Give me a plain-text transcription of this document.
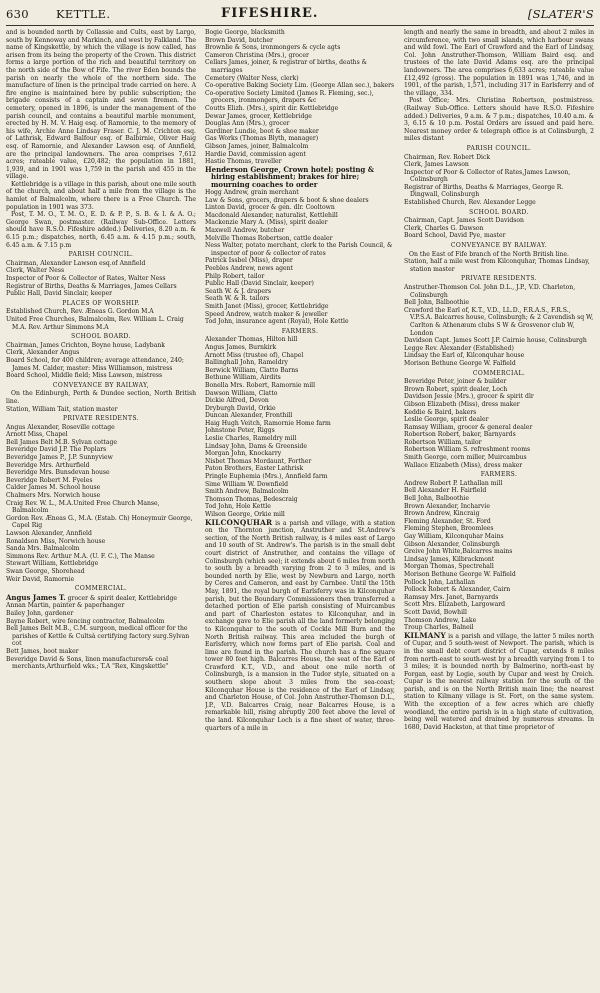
630 KETTLE.	FIFESHIRE.	[SLATER'S

and is bounded north by Collassie and Cults, east by Largo, south by Kennoway and Markinch, and west by Falkland. The name of Kingskettle, by which the village is now called, has arisen from its being the property of the Crown. This district forms a large portion of the rich and beautiful territory on the north side of the Bow of Fife. The river Eden bounds the parish on nearly the whole of the northern side. The manufacture of linen is the principal trade carried on here. A fire engine is maintained here by public subscription; the brigade consists of a captain and seven firemen. The cemetery, opened in 1896, is under the management of the parish council, and contains a beautiful marble monument, erected by H. M. V. Haig esq. of Ramornie, to the memory of his wife, Archie Anne Lindsay Fraser. C. J. M. Crichton esq. of Lathrisk, Edward Balfour esq. of Balbirnie, Oliver Haig esq. of Ramornie, and Alexander Lawson esq. of Annfield, are the principal landowners. The area comprises 7,612 acres; rateable value, £20,482; the population in 1881, 1,939, and in 1901 was 1,759 in the parish and 455 in the village.

Kettlebridge is a village in this parish, about one mile south of the church, and about half a mile from the village is the hamlet of Balmalcolm, where there is a Free Church. The population in 1901 was 373.

Post, T. M. O., T. M. O., E. D. & P. P., S. B. & I. & A. O.; George Swan, postmaster. (Railway Sub-Office. Letters should have R.S.O. Fifeshire added.) Deliveries, 8.20 a.m. & 6.15 p.m.; dispatches, north, 6.45 a.m. & 4.15 p.m.; south, 6.45 a.m. & 7.15 p.m

PARISH COUNCIL.

Chairman, Alexander Lawson esq.of Annfield

Clerk, Walter Ness

Inspector of Poor & Collector of Rates, Walter Ness

Registrar of Births, Deaths & Marriages, James Cellars

Public Hall, David Sinclair, keeper

PLACES OF WORSHIP.

Established Church, Rev. Æneas G. Gordon M.A

United Free Churches, Balmalcolm, Rev. William L. Craig M.A. Rev. Arthur Simmons M.A

SCHOOL BOARD.

Chairman, James Crichton, Boyne house, Ladybank

Clerk, Alexander Angus

Board School, for 400 children; average attendance, 240; James M. Calder, master: Miss Williamson, mistress

Board School, Middle field; Miss Lawson, mistress

CONVEYANCE BY RAILWAY,

On the Edinburgh, Perth & Dundee section, North British line.

Station, William Tait, station master

PRIVATE RESIDENTS.

Angus Alexander, Roseville cottage

Arnott Miss, Chapel

Bell James Belt M.B. Sylvan cottage

Beveridge David J.P. The Poplars

Beveridge James P., J.P. Sunnyview

Beveridge Mrs. Arthurfield

Beveridge Mrs. Bunsdevan house

Beveridge Robert M. Fyeles

Calder James M. School house

Chalmers Mrs. Norwich house

Craig Rev. W. L., M.A.United Free Church Manse, Balmalcolm

Gordon Rev. Æneas G., M.A. (Estab. Ch) Honeymuir George, Capel Rig

Lawson Alexander, Annfield

Ronaldson Miss, Norwich house

Sanda Mrs. Balmalcolm

Simmons Rev. Arthur M.A. (U. F. C.), The Manse

Stewart William, Kettlebridge

Swan George, Shorehead

Weir David, Ramornie

COMMERCIAL.

Angus James T. grocer & spirit dealer, Kettlebridge

Annan Martin, painter & paperhanger

Bailey John, gardener

Bayne Robert, wire fencing contractor, Balmalcolm

Bell James Belt M.B., C.M. surgeon, medical officer for the parishes of Kettle & Cultsà certifying factory surg.Sylvan cot

Bett James, boot maker

Beveridge David & Sons, linen manufacturers& coal merchants,Arthurfield wks.; T.A "Rex, Kingskettle"

Bogie George, blacksmith

Brown David, butcher

Brownlie & Sons, ironmongers & cycle agts

Cameron Christina (Mrs.), grocer

Cellars James, joiner, & registrar of births, deaths & marriages

Cemetery (Walter Ness, clerk)

Co-operative Baking Society Lim. (George Allan sec.), bakers

Co-operative Society Limited (James R. Fleming, sec.), grocers, ironmongers, drapers &c

Coutts Elizh. (Mrs.), spirit dir. Kettlebridge

Dewar James, grocer, Kettlebridge

Douglas Ann (Mrs.), grocer

Gardiner Lundie, boot & shoe maker

Gas Works (Thomas Blyth, manager)

Gibson James, joiner, Balmalcolm

Hardie David, commission agent

Hastie Thomas, traveller

Henderson George, Crown hotel; posting & hiring establishment; brakes for hire; mourning coaches to order

Hogg Andrew, grain merchant

Law & Sons, grocers, drapers & boot & shoe dealers

Linton David, grocer & gen. dlr. Cooltown

Macdonald Alexander, naturalist, Kettlehill

Mackenzie Mary A. (Miss), spirit dealer

Maxwell Andrew, butcher

Melville Thomas Robertson, cattle dealer

Ness Walter, potato merchant, clerk to the Parish Council, & inspector of poor & collector of rates

Patrick Issbel (Miss), draper

Peebles Andrew, news agent

Philp Robert, tailor

Public Hall (David Sinclair, keeper)

Seath W. & J. drapers

Seath W. & R. tailors

Smith Janet (Miss), grocer, Kettlebridge

Speed Andrew, watch maker & jeweller

Tod John, insurance agent (Royal), Hole Kettle

FARMERS.

Alexander Thomas, Hilton hill

Angus James, Burnkirk

Arnott Miss (trustee of), Chapel

Ballinghall John, Rameldry

Berwick William, Clatto Barns

Bethune William, Airdits

Bonella Mrs. Robert, Ramornie mill

Dawson William, Clatto

Dickie Alfred, Devon

Dryburgh David, Orkie

Duncan Alexander, Fronthill

Haig Hugh Veitch, Ramornie Home farm

Johnstone Peter, Riggs

Leslie Charles, Rameldry mill

Lindsay John, Dams & Greenside

Morgan John, Knockarry

Nisbet Thomas Mordaunt, Forther

Paton Brothers, Easter Lathrisk

Pringle Euphemia (Mrs.), Annfield farm

Sime William W. Downfield

Smith Andrew, Balmalcolm

Thomson Thomas, Bedescraig

Tod John, Hole Kettle

Wilson George, Orkie mill

KILCONQUHAR is a parish and village, with a station on the Thornton junction, Anstruther and St.Andrew's section, of the North British railway, is 4 miles east of Largo and 10 south of St. Andrew's. The parish is in the small debt court district of Anstruther, and contains the village of Colinsburgh (which see); it extends about 6 miles from north to south by a breadth varying from 2 to 3 miles, and is bounded north by Elie, west by Newburn and Largo, north by Ceres and Cameron, and east by Carnbee. Until the 15th May, 1891, the royal burgh of Earlsferry was in Kilconquhar parish, but the Boundary Commissioners then transferred a detached portion of Elie parish consisting of Muircambus and part of Charleston estates to Kilconquhar, and in exchange gave to Elie parish all the land formerly belonging to Kilconquhar to the south of Cockle Mill Burn and the North British railway. This area included the burgh of Earlsferry, which now forms part of Elie parish. Coal and lime are found in the parish. The church has a fine square tower 80 feet high. Balcarres House, the seat of the Earl of Crawford K.T., V.D., and about one mile north of Colinsburgh, is a mansion in the Tudor style, situated on a southern slope about 3 miles from the sea-coast; Kilconquhar House is the residence of the Earl of Lindsay, and Charleton House, of Col. John Anstruther-Thomson D.L., J.P., V.D. Balcarres Craig, near Balcarres House, is a remarkable hill, rising abruptly 200 feet above the level of the land. Kilconquhar Loch is a fine sheet of water, three-quarters of a mile in

length and nearly the same in breadth, and about 2 miles in circumference, with two small islands, which harbour swans and wild fowl. The Earl of Crawford and the Earl of Lindsay, Col. John Anstruther-Thomson, William Baird esq. and trustees of the late David Adams esq. are the principal landowners. The area comprises 6,633 acres; rateable value £12,492 (gross). The population in 1891 was 1,746, and in 1901, of the parish, 1,571, including 317 in Earlsferry and of the village, 334.

Post Office; Mrs. Christina Robertson, postmistress. (Railway Sub-Office. Letters should have R.S.O. Fifeshire added.) Deliveries, 9 a.m. & 7 p.m.; dispatches, 10.40 a.m. & 3, 6.15 & 10 p.m. Postal Orders are issued and paid here. Nearest money order & telegraph office is at Colinsburgh, 2 miles distant

PARISH COUNCIL.

Chairman, Rev. Robert Dick

Clerk, James Lawson

Inspector of Poor & Collector of Rates,James Lawson, Colinsburgh

Registrar of Births, Deaths & Marriages, George R. Dingwall, Colinsburgh

Established Church, Rev. Alexander Legge

SCHOOL BOARD.

Chairman, Capt. James Scott Davidson

Clerk, Charles G. Dawson

Board School, David Pye, master

CONVEYANCE BY RAILWAY.

On the East of Fife branch of the North British line.

Station, half a mile west from Kilconquhar, Thomas Lindsay, station master

PRIVATE RESIDENTS.

Anstruther-Thomson Col. John D.L., J.P., V.D. Charleton, Colinsburgh

Bell John, Balboothie

Crawford the Earl of, K.T., V.D., LL.D., F.R.A.S., F.R.S., V.P.S.A. Balcarres house, Colinsburgh; & 2 Cavendish sq W, Carlton & Athenæum clubs S W & Grosvenor club W, London

Davidson Capt. James Scott J.P. Cairnie house, Colinsburgh

Legge Rev. Alexander (Established)

Lindsay the Earl of, Kilconquhar house

Morison Bethune George W. Falfield

COMMERCIAL.

Beveridge Peter, joiner & builder

Brown Robert, spirit dealer, Loch

Davidson Jessie (Mrs.), grocer & spirit dlr

Gibson Elizabeth (Miss), dress maker

Keddie & Baird, bakers

Leslie George, spirit dealer

Ramsay William, grocer & general dealer

Robertson Robert, baker, Barnyards

Robertson William, tailor

Robertson William S. refreshment rooms

Smith George, corn miller, Muircambus

Wallace Elizabeth (Miss), dress maker

FARMERS.

Andrew Robert P. Lathallan mill

Bell Alexander H. Fairfield

Bell John, Balboothie

Brown Alexander, Incharvie

Brown Andrew, Kincraig

Fleming Alexander, St. Ford

Fleming Stephen, Broomlees

Gay William, Kilconquhar Mains

Gibson Alexander, Colinsburgh

Greive John White,Balcarres mains

Lindsay James, Kilbrackmont

Morgan Thomas, Spectrehall

Morison Bethune George W. Falfield

Pollock John, Lathallan

Pollock Robert & Alexander, Cairn

Ramsay Mrs. Janet, Barnyards

Scott Mrs. Elizabeth, Largoward

Scott David, Bowhill

Thomson Andrew, Lake

Troup Charles, Balneil

KILMANY is a parish and village, the latter 5 miles north of Cupar, and 5 south-west of Newport. The parish, which is in the small debt court district of Cupar, extends 8 miles from north-east to south-west by a breadth varying from 1 to 3 miles; it is bounded north by Balmerino, north-east by Forgan, east by Logie, south by Cupar and west by Creich. Cupar is the nearest railway station for the south of the parish, and is on the North British main line; the nearest station to Kilmany village is St. Fort, on the same system. With the exception of a few acres which are chiefly woodland, the entire parish is in a high state of cultivation, being well watered and drained by numerous streams. In 1680, David Hackston, at that time proprietor of
